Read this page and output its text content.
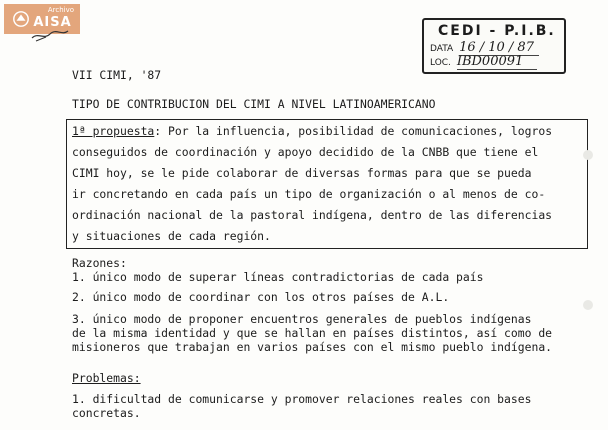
Archivo
AISA
CEDI - P.I.B.
DATA 16 / 10 / 87
LOC. IBD00091
VII CIMI, '87
TIPO DE CONTRIBUCION DEL CIMI A NIVEL LATINOAMERICANO
1ª propuesta: Por la influencia, posibilidad de comunicaciones, logros
conseguidos de coordinación y apoyo decidido de la CNBB que tiene el
CIMI hoy, se le pide colaborar de diversas formas para que se pueda
ir concretando en cada país un tipo de organización o al menos de co-
ordinación nacional de la pastoral indígena, dentro de las diferencias
y situaciones de cada región.
Razones:
1. único modo de superar líneas contradictorias de cada país
2. único modo de coordinar con los otros países de A.L.
3. único modo de proponer encuentros generales de pueblos indígenas
de la misma identidad y que se hallan en países distintos, así como de
misioneros que trabajan en varios países con el mismo pueblo indígena.
Problemas:
1. dificultad de comunicarse y promover relaciones reales con bases
concretas.
